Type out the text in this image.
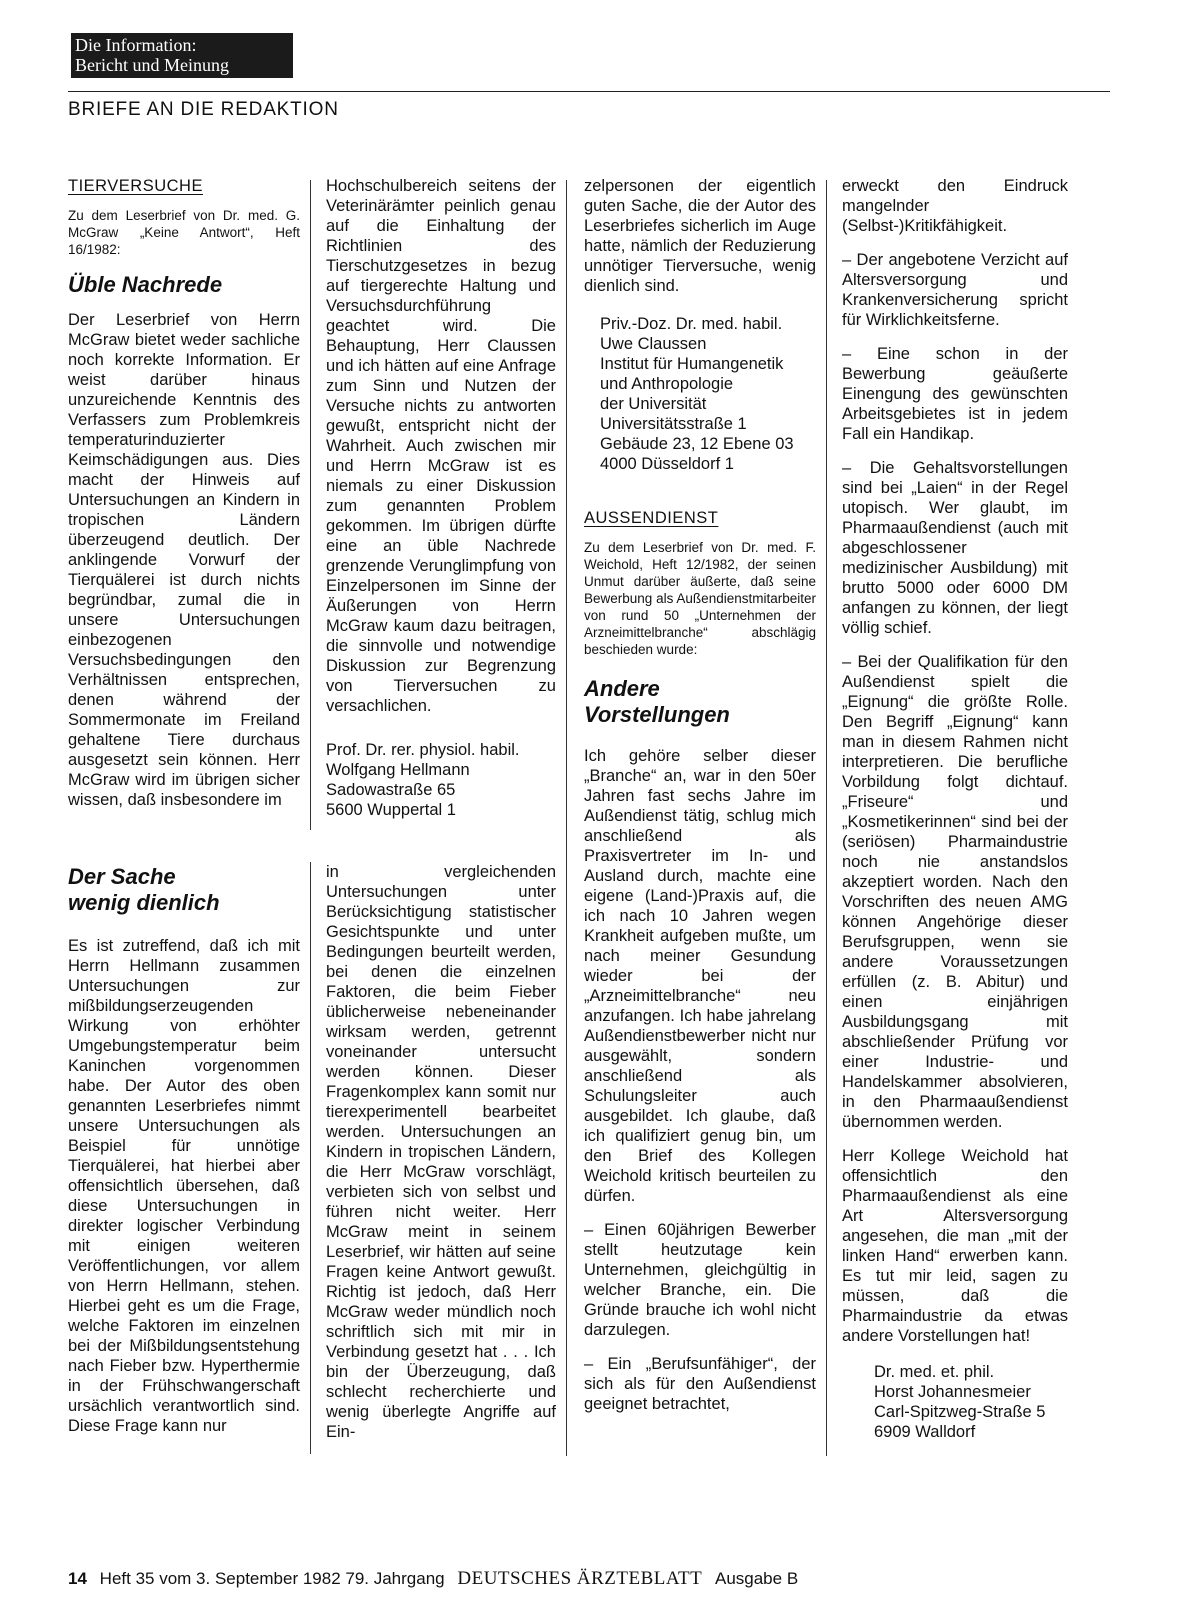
Die Information:
Bericht und Meinung
BRIEFE AN DIE REDAKTION

TIERVERSUCHE

Zu dem Leserbrief von Dr. med. G. McGraw „Keine Antwort“, Heft 16/1982:

Üble Nachrede

Der Leserbrief von Herrn McGraw bietet weder sachliche noch korrekte Information. Er weist darüber hinaus unzureichende Kenntnis des Verfassers zum Problemkreis temperaturinduzierter Keimschädigungen aus. Dies macht der Hinweis auf Untersuchungen an Kindern in tropischen Ländern überzeugend deutlich. Der anklingende Vorwurf der Tierquälerei ist durch nichts begründbar, zumal die in unsere Untersuchungen einbezogenen Versuchsbedingungen den Verhältnissen entsprechen, denen während der Sommermonate im Freiland gehaltene Tiere durchaus ausgesetzt sein können. Herr McGraw wird im übrigen sicher wissen, daß insbesondere im

Hochschulbereich seitens der Veterinärämter peinlich genau auf die Einhaltung der Richtlinien des Tierschutzgesetzes in bezug auf tiergerechte Haltung und Versuchsdurchführung geachtet wird. Die Behauptung, Herr Claussen und ich hätten auf eine Anfrage zum Sinn und Nutzen der Versuche nichts zu antworten gewußt, entspricht nicht der Wahrheit. Auch zwischen mir und Herrn McGraw ist es niemals zu einer Diskussion zum genannten Problem gekommen. Im übrigen dürfte eine an üble Nachrede grenzende Verunglimpfung von Einzelpersonen im Sinne der Äußerungen von Herrn McGraw kaum dazu beitragen, die sinnvolle und notwendige Diskussion zur Begrenzung von Tierversuchen zu versachlichen.

Prof. Dr. rer. physiol. habil.
Wolfgang Hellmann
Sadowastraße 65
5600 Wuppertal 1

Der Sache
wenig dienlich

Es ist zutreffend, daß ich mit Herrn Hellmann zusammen Untersuchungen zur mißbildungserzeugenden Wirkung von erhöhter Umgebungstemperatur beim Kaninchen vorgenommen habe. Der Autor des oben genannten Leserbriefes nimmt unsere Untersuchungen als Beispiel für unnötige Tierquälerei, hat hierbei aber offensichtlich übersehen, daß diese Untersuchungen in direkter logischer Verbindung mit einigen weiteren Veröffentlichungen, vor allem von Herrn Hellmann, stehen. Hierbei geht es um die Frage, welche Faktoren im einzelnen bei der Mißbildungsentstehung nach Fieber bzw. Hyperthermie in der Frühschwangerschaft ursächlich verantwortlich sind. Diese Frage kann nur

in vergleichenden Untersuchungen unter Berücksichtigung statistischer Gesichtspunkte und unter Bedingungen beurteilt werden, bei denen die einzelnen Faktoren, die beim Fieber üblicherweise nebeneinander wirksam werden, getrennt voneinander untersucht werden können. Dieser Fragenkomplex kann somit nur tierexperimentell bearbeitet werden. Untersuchungen an Kindern in tropischen Ländern, die Herr McGraw vorschlägt, verbieten sich von selbst und führen nicht weiter. Herr McGraw meint in seinem Leserbrief, wir hätten auf seine Fragen keine Antwort gewußt. Richtig ist jedoch, daß Herr McGraw weder mündlich noch schriftlich sich mit mir in Verbindung gesetzt hat . . . Ich bin der Überzeugung, daß schlecht recherchierte und wenig überlegte Angriffe auf Ein-

zelpersonen der eigentlich guten Sache, die der Autor des Leserbriefes sicherlich im Auge hatte, nämlich der Reduzierung unnötiger Tierversuche, wenig dienlich sind.

Priv.-Doz. Dr. med. habil.
Uwe Claussen
Institut für Humangenetik
und Anthropologie
der Universität
Universitätsstraße 1
Gebäude 23, 12 Ebene 03
4000 Düsseldorf 1

AUSSENDIENST

Zu dem Leserbrief von Dr. med. F. Weichold, Heft 12/1982, der seinen Unmut darüber äußerte, daß seine Bewerbung als Außendienstmitarbeiter von rund 50 „Unternehmen der Arzneimittelbranche“ abschlägig beschieden wurde:

Andere
Vorstellungen

Ich gehöre selber dieser „Branche“ an, war in den 50er Jahren fast sechs Jahre im Außendienst tätig, schlug mich anschließend als Praxisvertreter im In- und Ausland durch, machte eine eigene (Land-)Praxis auf, die ich nach 10 Jahren wegen Krankheit aufgeben mußte, um nach meiner Gesundung wieder bei der „Arzneimittelbranche“ neu anzufangen. Ich habe jahrelang Außendienstbewerber nicht nur ausgewählt, sondern anschließend als Schulungsleiter auch ausgebildet. Ich glaube, daß ich qualifiziert genug bin, um den Brief des Kollegen Weichold kritisch beurteilen zu dürfen.

– Einen 60jährigen Bewerber stellt heutzutage kein Unternehmen, gleichgültig in welcher Branche, ein. Die Gründe brauche ich wohl nicht darzulegen.

– Ein „Berufsunfähiger“, der sich als für den Außendienst geeignet betrachtet,

erweckt den Eindruck mangelnder (Selbst-)Kritikfähigkeit.

– Der angebotene Verzicht auf Altersversorgung und Krankenversicherung spricht für Wirklichkeitsferne.

– Eine schon in der Bewerbung geäußerte Einengung des gewünschten Arbeitsgebietes ist in jedem Fall ein Handikap.

– Die Gehaltsvorstellungen sind bei „Laien“ in der Regel utopisch. Wer glaubt, im Pharmaaußendienst (auch mit abgeschlossener medizinischer Ausbildung) mit brutto 5000 oder 6000 DM anfangen zu können, der liegt völlig schief.

– Bei der Qualifikation für den Außendienst spielt die „Eignung“ die größte Rolle. Den Begriff „Eignung“ kann man in diesem Rahmen nicht interpretieren. Die berufliche Vorbildung folgt dichtauf. „Friseure“ und „Kosmetikerinnen“ sind bei der (seriösen) Pharmaindustrie noch nie anstandslos akzeptiert worden. Nach den Vorschriften des neuen AMG können Angehörige dieser Berufsgruppen, wenn sie andere Voraussetzungen erfüllen (z. B. Abitur) und einen einjährigen Ausbildungsgang mit abschließender Prüfung vor einer Industrie- und Handelskammer absolvieren, in den Pharmaaußendienst übernommen werden.

Herr Kollege Weichold hat offensichtlich den Pharmaaußendienst als eine Art Altersversorgung angesehen, die man „mit der linken Hand“ erwerben kann. Es tut mir leid, sagen zu müssen, daß die Pharmaindustrie da etwas andere Vorstellungen hat!

Dr. med. et. phil.
Horst Johannesmeier
Carl-Spitzweg-Straße 5
6909 Walldorf
14 Heft 35 vom 3. September 1982 79. Jahrgang DEUTSCHES ÄRZTEBLATT Ausgabe B
